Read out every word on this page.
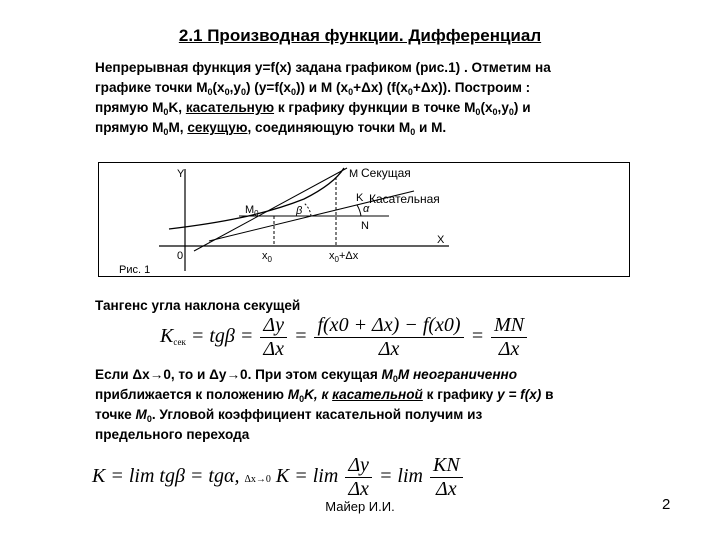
2.1 Производная функции. Дифференциал
Непрерывная функция y=f(x) задана графиком (рис.1) . Отметим на
графике точки $M_0(x_0,y_0)$ $(y=f(x_0))$ и M $(x_0+\Delta x)$ $(f(x_0+\Delta x))$. Построим :
прямую $M_0K$, касательную к графику функции в точке $M_0(x_0,y_0)$ и
прямую $M_0M$, секущую, соединяющую точки $M_0$ и M.
Y	M Секущая
K Касательная
$M_0$	α
β
N
0	$x_0$	$x_0+\Delta x$
X
Рис. 1
Тангенс угла наклона секущей
$K_{сек} = tg\beta = \frac{\Delta y}{\Delta x} = \frac{f(x0 + \Delta x) - f(x0)}{\Delta x} = \frac{MN}{\Delta x}$
Если Δx→0, то и Δy→0. При этом секущая $M_0M$ неограниченно
приближается к положению $M_0K$, к касательной к графику y = f(x) в
точке $M_0$. Угловой коэффициент касательной получим из
предельного перехода
K = lim tgβ = tgα, Δx→0 $K = \lim \frac{\Delta y}{\Delta x} = \lim \frac{KN}{\Delta x}$
Майер И.И.	2
